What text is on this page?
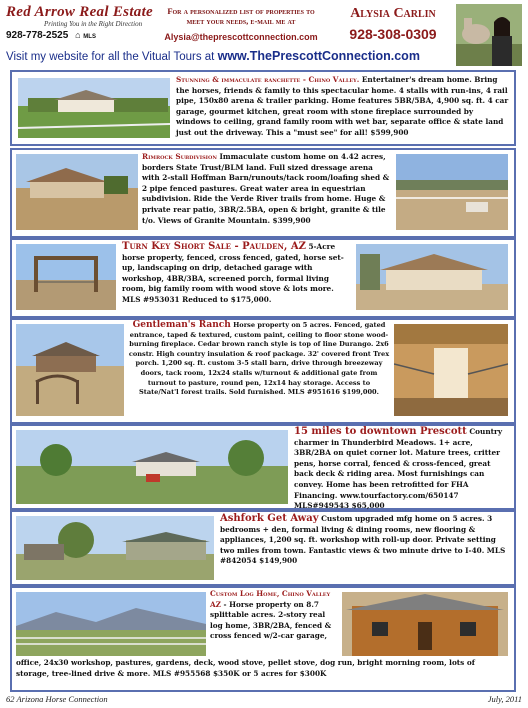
Red Arrow Real Estate
Printing You in the Right Direction
928-778-2525 ⌂ MLS
For a personalized list of properties to
meet your needs, e-mail me at
Alysia@theprescottconnection.com
Alysia Carlin
928-308-0309
Visit my website for all the Vitual Tours at www.ThePrescottConnection.com
Stunning & immaculate ranchette - Chino Valley. Entertainer's dream home. Bring the horses, friends & family to this spectacular home. 4 stalls with run-ins, 4 rail pipe, 150x80 arena & trailer parking. Home features 5BR/5BA, 4,900 sq. ft. 4 car garage, gourmet kitchen, great room with stone fireplace surrounded by windows to ceiling, grand family room with wet bar, separate office & state land just out the driveway. This a "must see" for all! $599,900
Rimrock Subdivision Immaculate custom home on 4.42 acres, borders State Trust/BLM land. Full sized dressage arena with 2-stall Hoffman Barn/runouts/tack room/loafing shed & 2 pipe fenced pastures. Great water area in equestrian subdivision. Ride the Verde River trails from home. Huge & private rear patio, 3BR/2.5BA, open & bright, granite & tile t/o. Views of Granite Mountain. $399,900
Turn Key Short Sale - Paulden, AZ 5-Acre horse property, fenced, cross fenced, gated, horse set-up, landscaping on drip, detached garage with workshop, 4BR/3BA, screened porch, formal living room, big family room with wood stove & lots more. MLS #953031 Reduced to $175,000.
Gentleman's Ranch Horse property on 5 acres. Fenced, gated entrance, taped & textured, custom paint, ceiling to floor stone wood-burning fireplace. Cedar brown ranch style is top of line Durango. 2x6 constr. High country insulation & roof package. 32' covered front Trex porch. 1,200 sq. ft. custom 3-5 stall barn, drive through breezeway doors, tack room, 12x24 stalls w/turnout & additional gate from turnout to pasture, round pen, 12x14 hay storage. Access to State/Nat'l forest trails. Sold furnished. MLS #951616 $199,000.
15 miles to downtown Prescott Country charmer in Thunderbird Meadows. 1+ acre, 3BR/2BA on quiet corner lot. Mature trees, critter pens, horse corral, fenced & cross-fenced, great back deck & riding area. Most furnishings can convey. Home has been retrofitted for FHA Financing. www.tourfactory.com/650147 MLS#949543 $65,000
Ashfork Get Away Custom upgraded mfg home on 5 acres. 3 bedrooms + den, formal living & dining rooms, new flooring & appliances, 1,200 sq. ft. workshop with roll-up door. Private setting two miles from town. Fantastic views & two minute drive to I-40. MLS #842054 $149,900
Custom Log Home, Chino Valley AZ - Horse property on 8.7 splittable acres. 2-story real log home, 3BR/2BA, fenced & cross fenced w/2-car garage,
office, 24x30 workshop, pastures, gardens, deck, wood stove, pellet stove, dog run, bright morning room, lots of storage, tree-lined drive & more. MLS #955568 $350K or 5 acres for $300K
62 Arizona Horse Connection	July, 2011
